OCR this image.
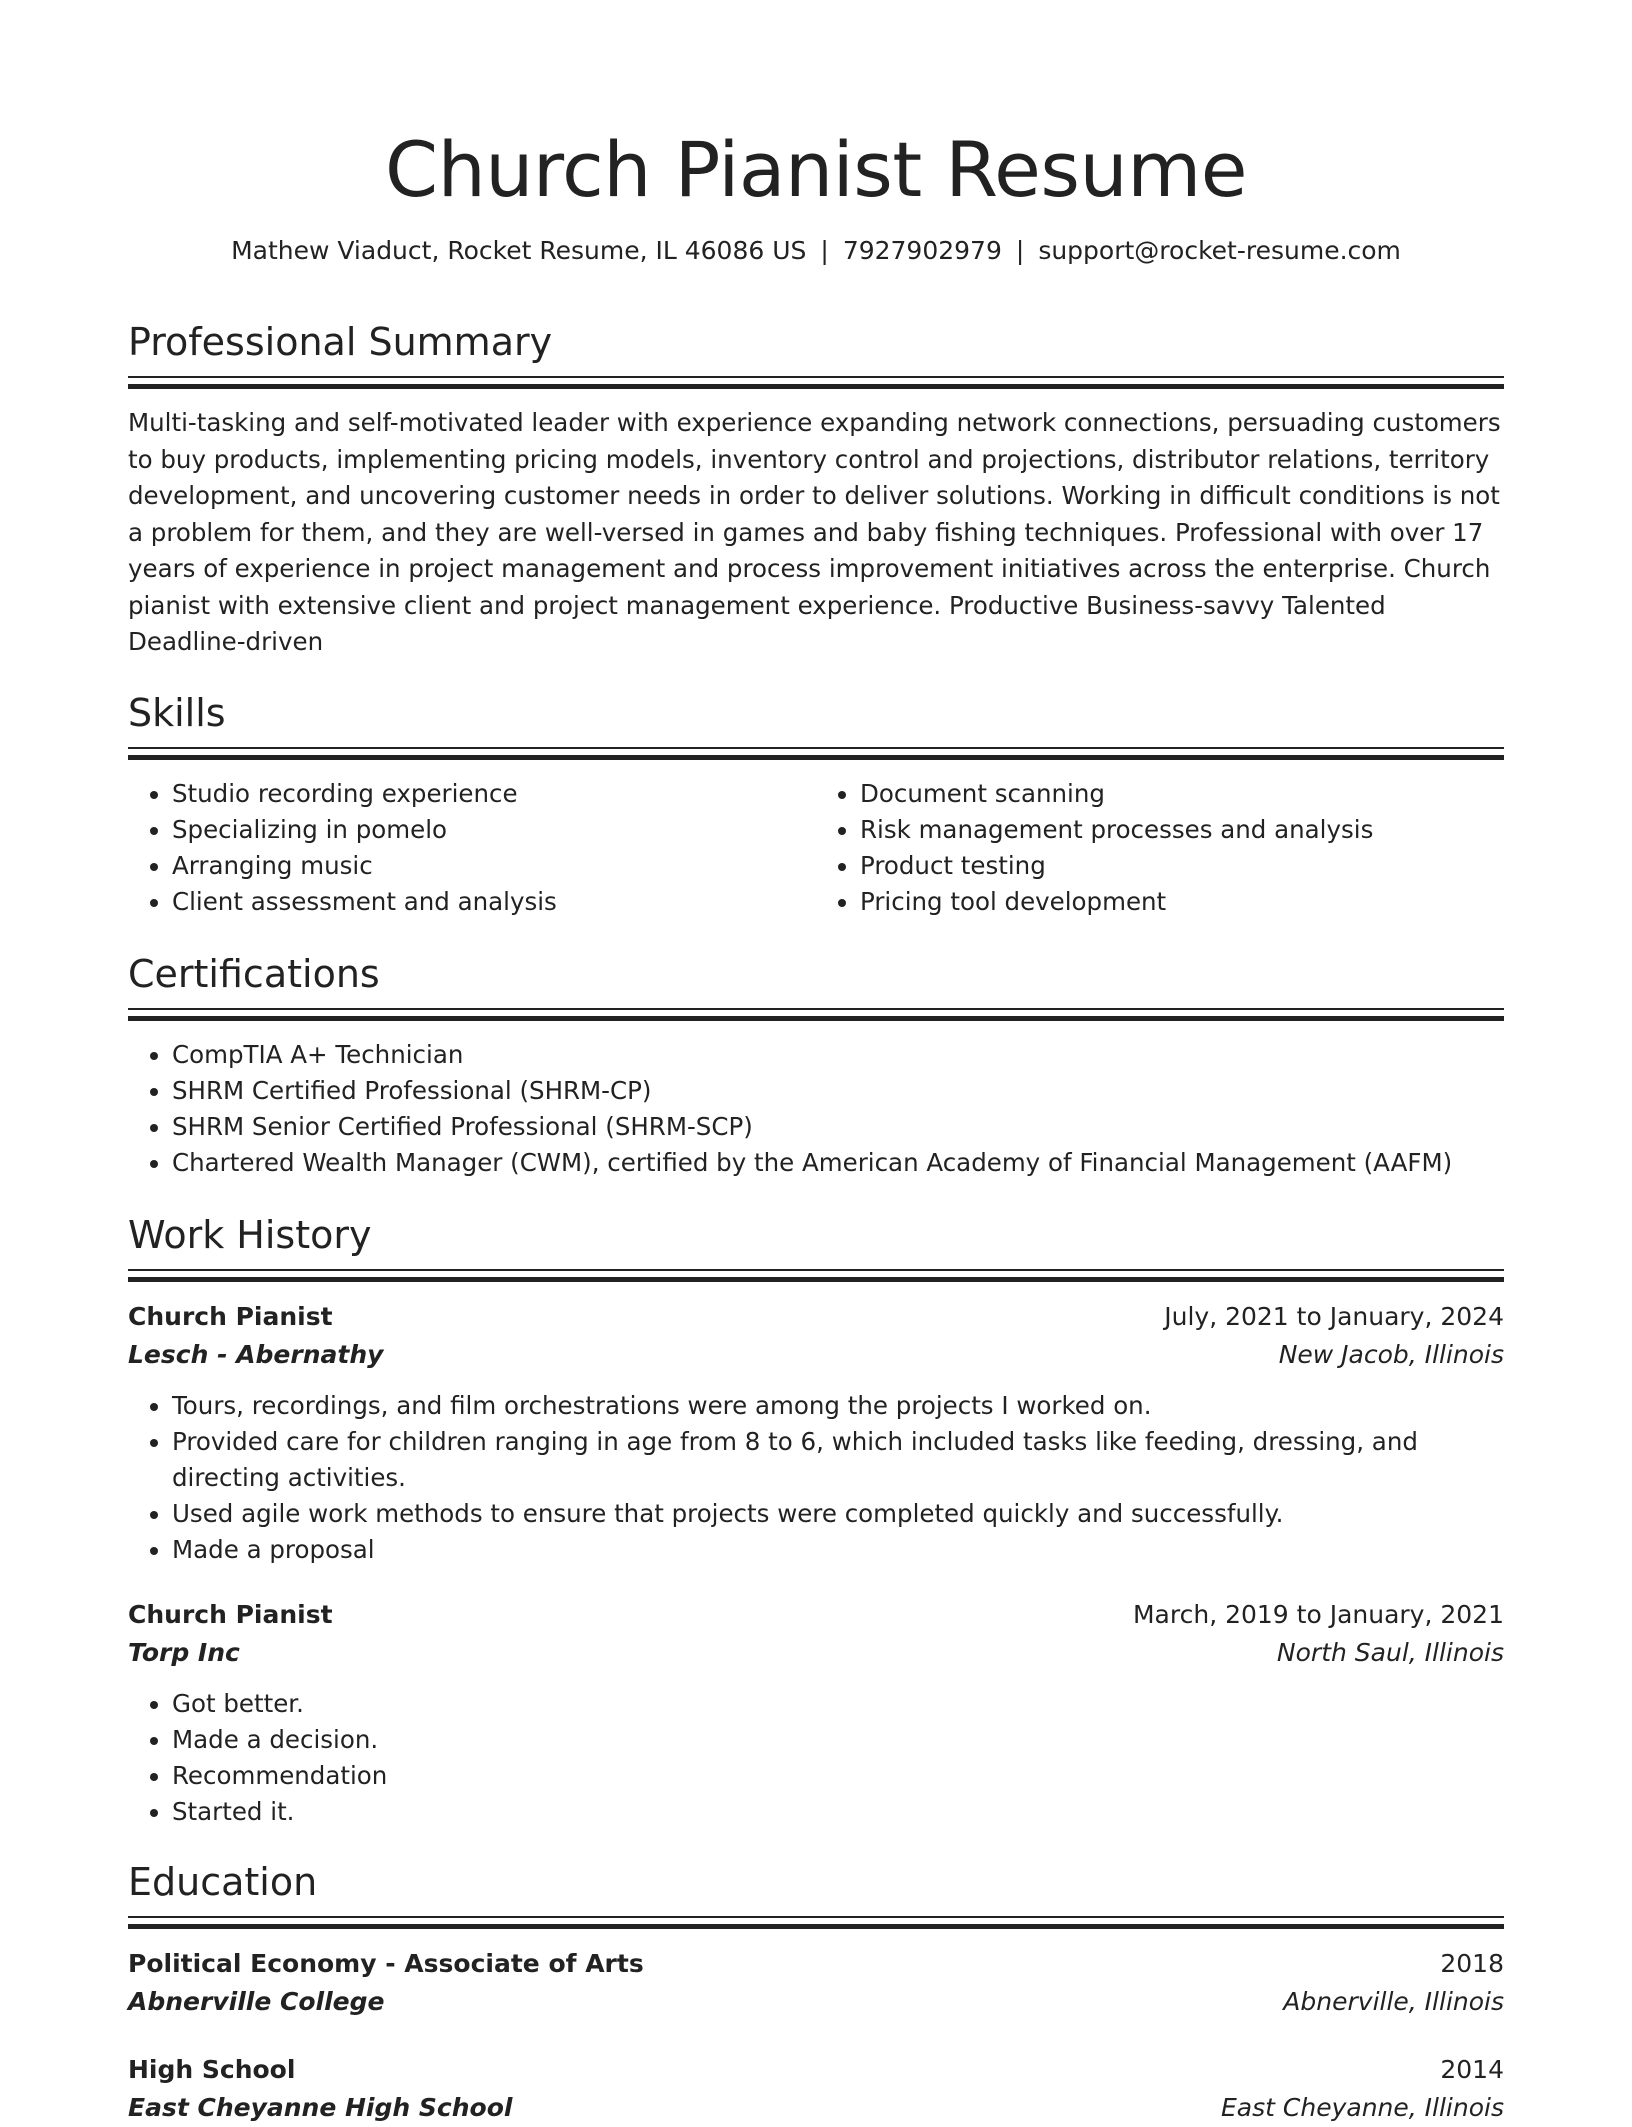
Church Pianist Resume
Mathew Viaduct, Rocket Resume, IL 46086 US | 7927902979 | support@rocket-resume.com
Professional Summary

Multi-tasking and self-motivated leader with experience expanding network connections, persuading customers to buy products, implementing pricing models, inventory control and projections, distributor relations, territory development, and uncovering customer needs in order to deliver solutions. Working in difficult conditions is not a problem for them, and they are well-versed in games and baby fishing techniques. Professional with over 17 years of experience in project management and process improvement initiatives across the enterprise. Church pianist with extensive client and project management experience. Productive Business-savvy Talented Deadline-driven

Skills
• Studio recording experience
• Specializing in pomelo
• Arranging music
• Client assessment and analysis
• Document scanning
• Risk management processes and analysis
• Product testing
• Pricing tool development
Certifications
• CompTIA A+ Technician
• SHRM Certified Professional (SHRM-CP)
• SHRM Senior Certified Professional (SHRM-SCP)
• Chartered Wealth Manager (CWM), certified by the American Academy of Financial Management (AAFM)
Work History
Church Pianist	July, 2021 to January, 2024
Lesch - Abernathy	New Jacob, Illinois
• Tours, recordings, and film orchestrations were among the projects I worked on.
• Provided care for children ranging in age from 8 to 6, which included tasks like feeding, dressing, and directing activities.
• Used agile work methods to ensure that projects were completed quickly and successfully.
• Made a proposal
Church Pianist	March, 2019 to January, 2021
Torp Inc	North Saul, Illinois
• Got better.
• Made a decision.
• Recommendation
• Started it.
Education
Political Economy - Associate of Arts	2018
Abnerville College	Abnerville, Illinois
High School	2014
East Cheyanne High School	East Cheyanne, Illinois
